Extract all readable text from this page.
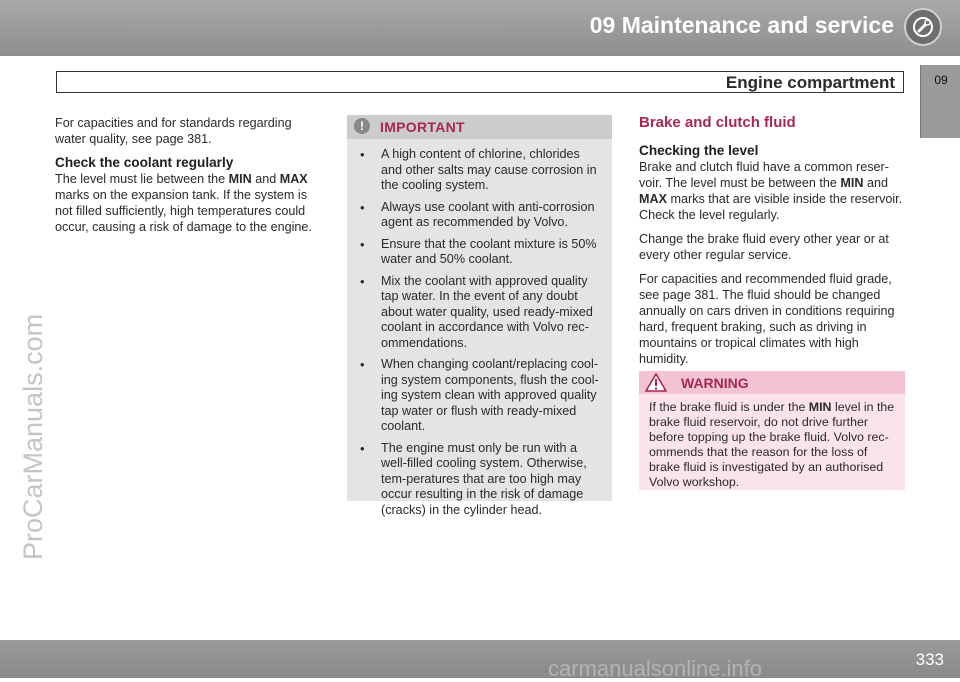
09 Maintenance and service
Engine compartment	09
ProCarManuals.com

For capacities and for standards regarding water quality, see page 381.

Check the coolant regularly

The level must lie between the MIN and MAX marks on the expansion tank. If the system is not filled sufficiently, high temperatures could occur, causing a risk of damage to the engine.

!	IMPORTANT
• A high content of chlorine, chlorides and other salts may cause corrosion in the cooling system.
• Always use coolant with anti-corrosion agent as recommended by Volvo.
• Ensure that the coolant mixture is 50% water and 50% coolant.
• Mix the coolant with approved quality tap water. In the event of any doubt about water quality, used ready-mixed coolant in accordance with Volvo rec-ommendations.
• When changing coolant/replacing cool-ing system components, flush the cool-ing system clean with approved quality tap water or flush with ready-mixed coolant.
• The engine must only be run with a well-filled cooling system. Otherwise, tem-peratures that are too high may occur resulting in the risk of damage (cracks) in the cylinder head.
Brake and clutch fluid
Checking the level

Brake and clutch fluid have a common reser-voir. The level must be between the MIN and MAX marks that are visible inside the reservoir. Check the level regularly.

Change the brake fluid every other year or at every other regular service.

For capacities and recommended fluid grade, see page 381. The fluid should be changed annually on cars driven in conditions requiring hard, frequent braking, such as driving in mountains or tropical climates with high humidity.

WARNING
If the brake fluid is under the MIN level in the brake fluid reservoir, do not drive further before topping up the brake fluid. Volvo rec-ommends that the reason for the loss of brake fluid is investigated by an authorised Volvo workshop.
333
carmanualsonline.info
